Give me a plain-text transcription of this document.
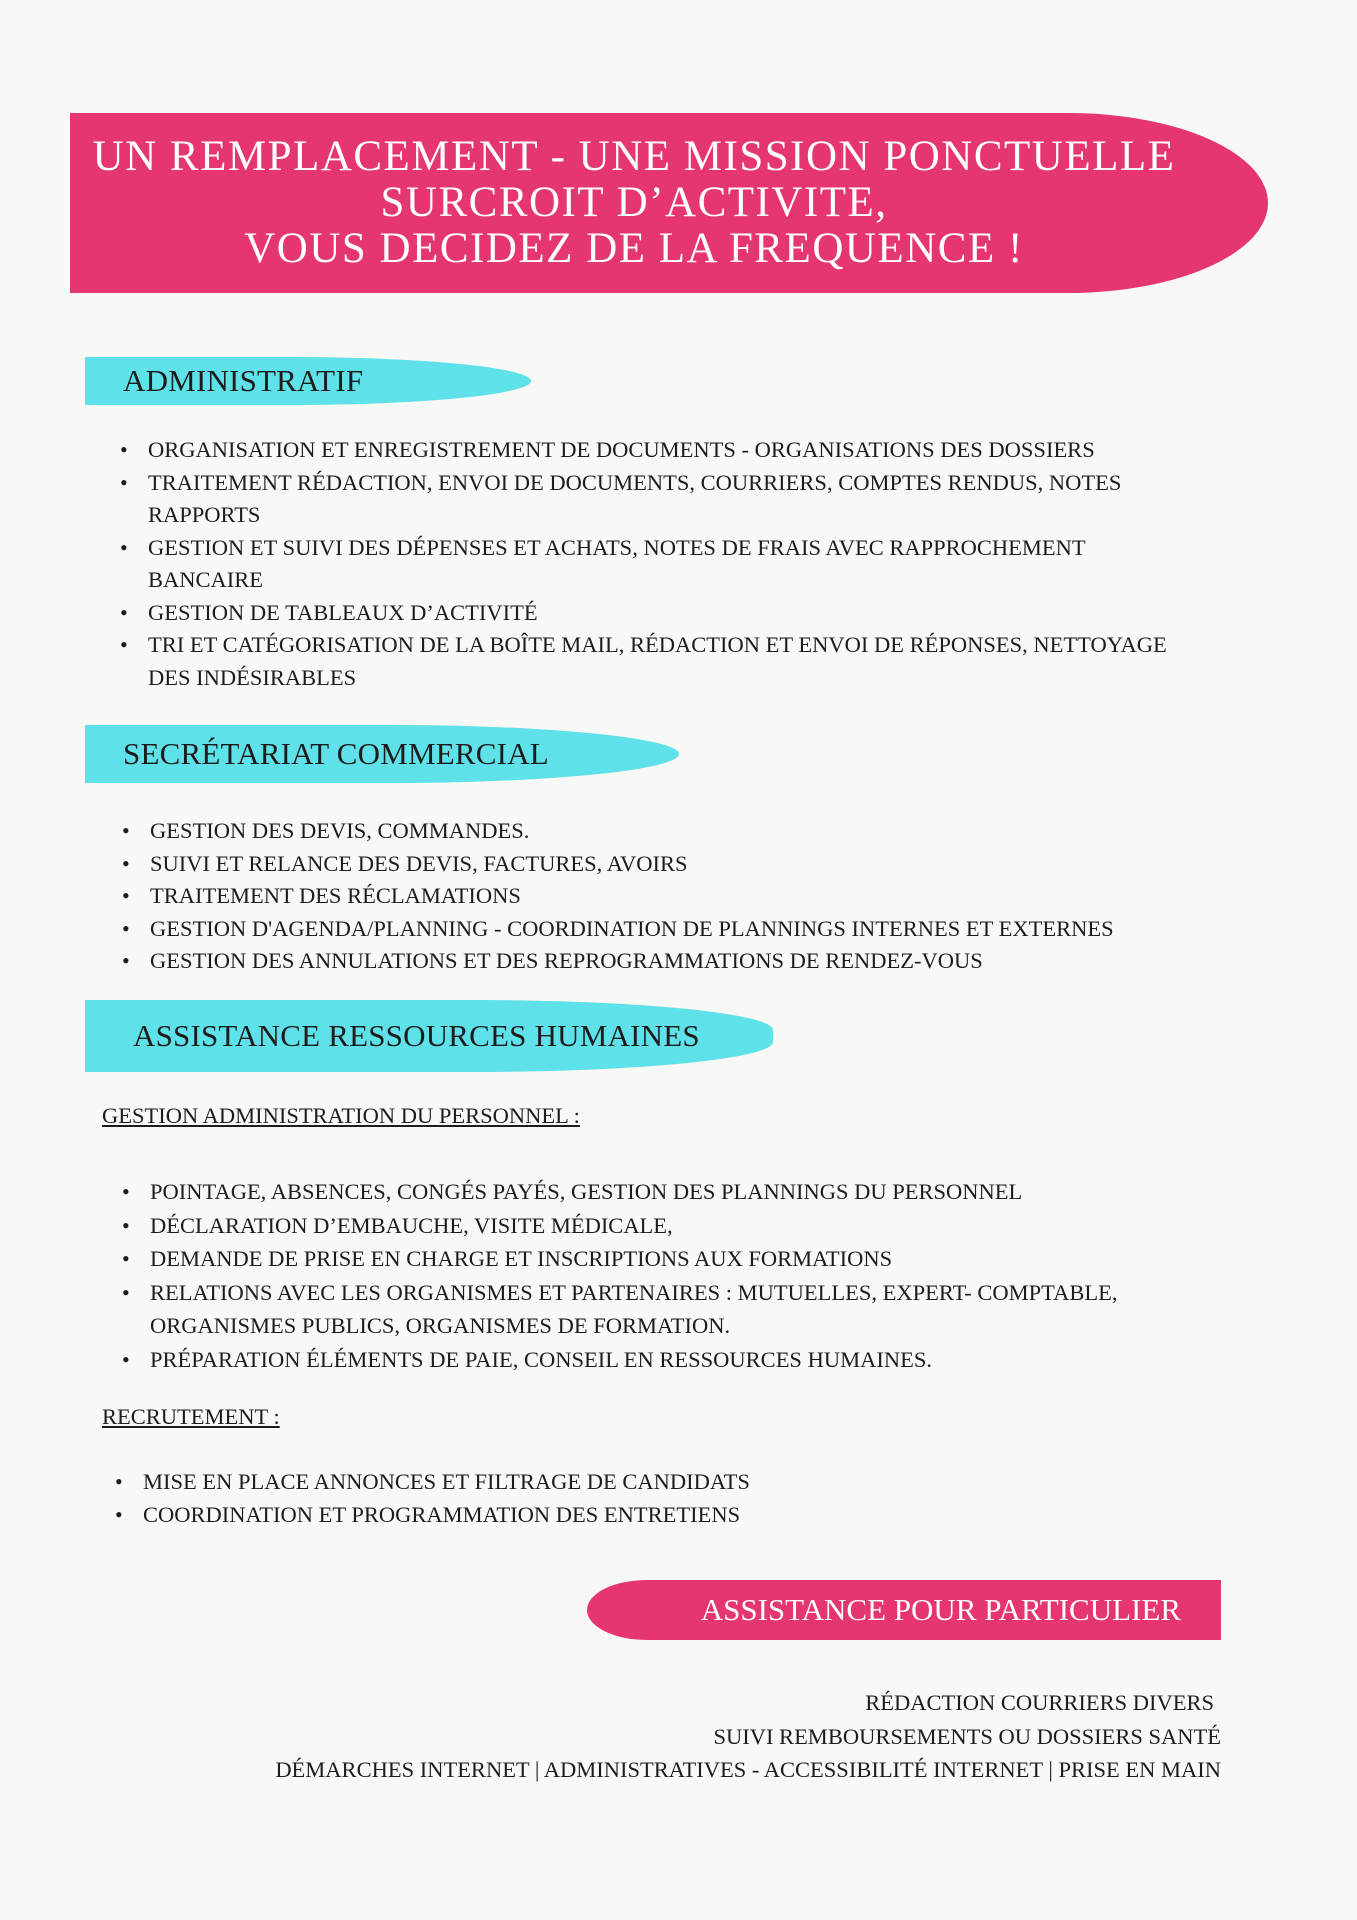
UN REMPLACEMENT - UNE MISSION PONCTUELLE
SURCROIT D’ACTIVITE,
VOUS DECIDEZ DE LA FREQUENCE !
ADMINISTRATIF
• ORGANISATION ET ENREGISTREMENT DE DOCUMENTS - ORGANISATIONS DES DOSSIERS
• TRAITEMENT RÉDACTION, ENVOI DE DOCUMENTS, COURRIERS, COMPTES RENDUS, NOTES RAPPORTS
• GESTION ET SUIVI DES DÉPENSES ET ACHATS, NOTES DE FRAIS AVEC RAPPROCHEMENT BANCAIRE
• GESTION DE TABLEAUX D’ACTIVITÉ
• TRI ET CATÉGORISATION DE LA BOÎTE MAIL, RÉDACTION ET ENVOI DE RÉPONSES, NETTOYAGE DES INDÉSIRABLES
SECRÉTARIAT COMMERCIAL
• GESTION DES DEVIS, COMMANDES.
• SUIVI ET RELANCE DES DEVIS, FACTURES, AVOIRS
• TRAITEMENT DES RÉCLAMATIONS
• GESTION D'AGENDA/PLANNING - COORDINATION DE PLANNINGS INTERNES ET EXTERNES
• GESTION DES ANNULATIONS ET DES REPROGRAMMATIONS DE RENDEZ-VOUS
ASSISTANCE RESSOURCES HUMAINES
GESTION ADMINISTRATION DU PERSONNEL :
• POINTAGE, ABSENCES, CONGÉS PAYÉS, GESTION DES PLANNINGS DU PERSONNEL
• DÉCLARATION D’EMBAUCHE, VISITE MÉDICALE,
• DEMANDE DE PRISE EN CHARGE ET INSCRIPTIONS AUX FORMATIONS
• RELATIONS AVEC LES ORGANISMES ET PARTENAIRES : MUTUELLES, EXPERT- COMPTABLE, ORGANISMES PUBLICS, ORGANISMES DE FORMATION.
• PRÉPARATION ÉLÉMENTS DE PAIE, CONSEIL EN RESSOURCES HUMAINES.
RECRUTEMENT :
• MISE EN PLACE ANNONCES ET FILTRAGE DE CANDIDATS
• COORDINATION ET PROGRAMMATION DES ENTRETIENS
ASSISTANCE POUR PARTICULIER
RÉDACTION COURRIERS DIVERS
SUIVI REMBOURSEMENTS OU DOSSIERS SANTÉ
DÉMARCHES INTERNET | ADMINISTRATIVES - ACCESSIBILITÉ INTERNET | PRISE EN MAIN
